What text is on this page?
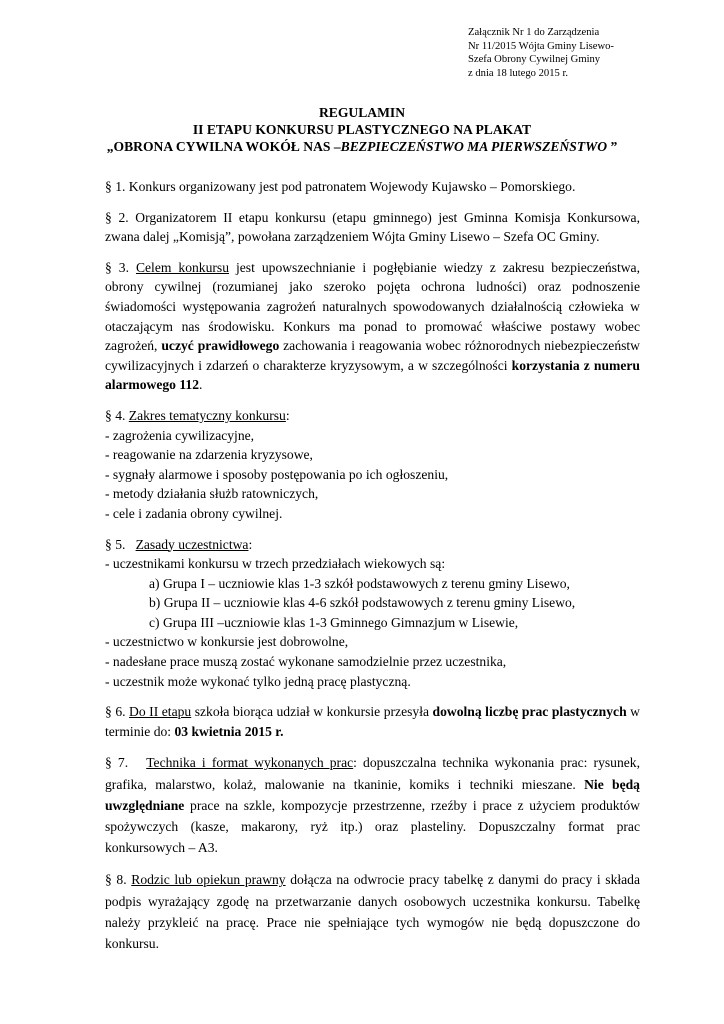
Załącznik Nr 1 do Zarządzenia
Nr 11/2015 Wójta Gminy Lisewo-
Szefa Obrony Cywilnej Gminy
z dnia 18 lutego 2015 r.
REGULAMIN
II ETAPU KONKURSU PLASTYCZNEGO NA PLAKAT
„OBRONA CYWILNA WOKÓŁ NAS –BEZPIECZEŃSTWO MA PIERWSZEŃSTWO ”

§ 1. Konkurs organizowany jest pod patronatem Wojewody Kujawsko – Pomorskiego.

§ 2. Organizatorem II etapu konkursu (etapu gminnego) jest Gminna Komisja Konkursowa, zwana dalej „Komisją”, powołana zarządzeniem Wójta Gminy Lisewo – Szefa OC Gminy.

§ 3. Celem konkursu jest upowszechnianie i pogłębianie wiedzy z zakresu bezpieczeństwa, obrony cywilnej (rozumianej jako szeroko pojęta ochrona ludności) oraz podnoszenie świadomości występowania zagrożeń naturalnych spowodowanych działalnością człowieka w otaczającym nas środowisku. Konkurs ma ponad to promować właściwe postawy wobec zagrożeń, uczyć prawidłowego zachowania i reagowania wobec różnorodnych niebezpieczeństw cywilizacyjnych i zdarzeń o charakterze kryzysowym, a w szczególności korzystania z numeru alarmowego 112.

§ 4. Zakres tematyczny konkursu:
- zagrożenia cywilizacyjne,
- reagowanie na zdarzenia kryzysowe,
- sygnały alarmowe i sposoby postępowania po ich ogłoszeniu,
- metody działania służb ratowniczych,
- cele i zadania obrony cywilnej.
§ 5.   Zasady uczestnictwa:
- uczestnikami konkursu w trzech przedziałach wiekowych są:
a) Grupa I – uczniowie klas 1-3 szkół podstawowych z terenu gminy Lisewo,
b) Grupa II – uczniowie klas 4-6 szkół podstawowych z terenu gminy Lisewo,
c) Grupa III –uczniowie klas 1-3 Gminnego Gimnazjum w Lisewie,
- uczestnictwo w konkursie jest dobrowolne,
- nadesłane prace muszą zostać wykonane samodzielnie przez uczestnika,
- uczestnik może wykonać tylko jedną pracę plastyczną.

§ 6. Do II etapu szkoła biorąca udział w konkursie przesyła dowolną liczbę prac plastycznych w terminie do: 03 kwietnia 2015 r.

§ 7.   Technika i format wykonanych prac: dopuszczalna technika wykonania prac: rysunek, grafika, malarstwo, kolaż, malowanie na tkaninie, komiks i techniki mieszane. Nie będą uwzględniane prace na szkle, kompozycje przestrzenne, rzeźby i prace z użyciem produktów spożywczych (kasze, makarony, ryż itp.) oraz plasteliny. Dopuszczalny format prac konkursowych – A3.

§ 8. Rodzic lub opiekun prawny dołącza na odwrocie pracy tabelkę z danymi do pracy i składa podpis wyrażający zgodę na przetwarzanie danych osobowych uczestnika konkursu. Tabelkę należy przykleić na pracę. Prace nie spełniające tych wymogów nie będą dopuszczone do konkursu.
